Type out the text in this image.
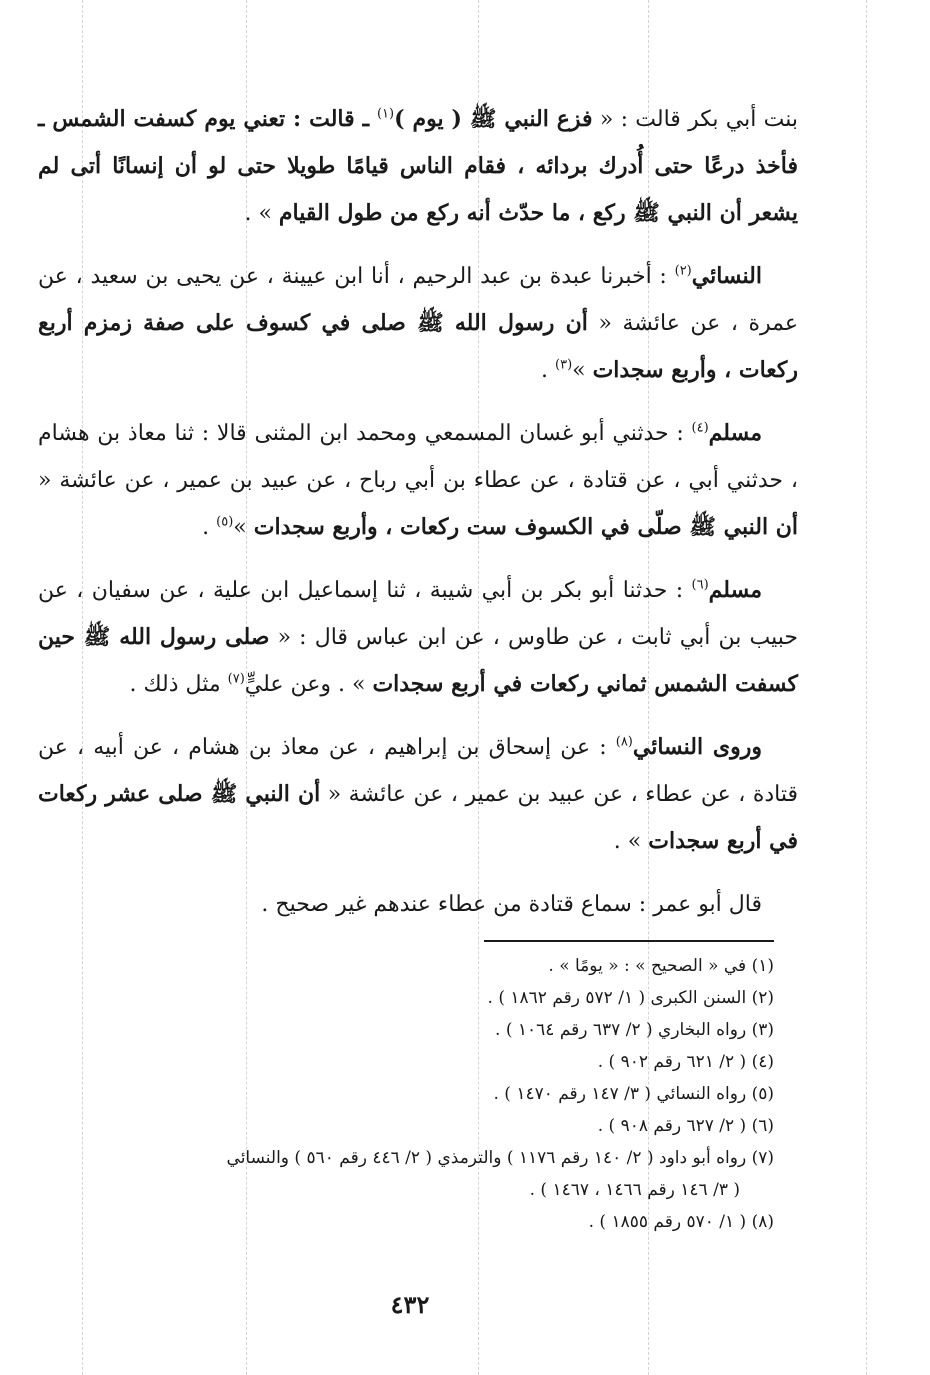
بنت أبي بكر قالت : « فزع النبي ﷺ ( يوم )$^{(١)}$ ـ قالت : تعني يوم كسفت الشمس ـ فأخذ درعًا حتى أُدرك بردائه ، فقام الناس قيامًا طويلا حتى لو أن إنسانًا أتى لم يشعر أن النبي ﷺ ركع ، ما حدّث أنه ركع من طول القيام » .

النسائي$^{(٢)}$ : أخبرنا عبدة بن عبد الرحيم ، أنا ابن عيينة ، عن يحيى بن سعيد ، عن عمرة ، عن عائشة « أن رسول الله ﷺ صلى في كسوف على صفة زمزم أربع ركعات ، وأربع سجدات »$^{(٣)}$ .

مسلم$^{(٤)}$ : حدثني أبو غسان المسمعي ومحمد ابن المثنى قالا : ثنا معاذ بن هشام ، حدثني أبي ، عن قتادة ، عن عطاء بن أبي رباح ، عن عبيد بن عمير ، عن عائشة « أن النبي ﷺ صلّى في الكسوف ست ركعات ، وأربع سجدات »$^{(٥)}$ .

مسلم$^{(٦)}$ : حدثنا أبو بكر بن أبي شيبة ، ثنا إسماعيل ابن علية ، عن سفيان ، عن حبيب بن أبي ثابت ، عن طاوس ، عن ابن عباس قال : « صلى رسول الله ﷺ حين كسفت الشمس ثماني ركعات في أربع سجدات » . وعن عليٍّ$^{(٧)}$ مثل ذلك .

وروى النسائي$^{(٨)}$ : عن إسحاق بن إبراهيم ، عن معاذ بن هشام ، عن أبيه ، عن قتادة ، عن عطاء ، عن عبيد بن عمير ، عن عائشة « أن النبي ﷺ صلى عشر ركعات في أربع سجدات » .

قال أبو عمر : سماع قتادة من عطاء عندهم غير صحيح .

(١) في « الصحيح » : « يومًا » .

(٢) السنن الكبرى ( ١/ ٥٧٢ رقم ١٨٦٢ ) .

(٣) رواه البخاري ( ٢/ ٦٣٧ رقم ١٠٦٤ ) .

(٤) ( ٢/ ٦٢١ رقم ٩٠٢ ) .

(٥) رواه النسائي ( ٣/ ١٤٧ رقم ١٤٧٠ ) .

(٦) ( ٢/ ٦٢٧ رقم ٩٠٨ ) .

(٧) رواه أبو داود ( ٢/ ١٤٠ رقم ١١٧٦ ) والترمذي ( ٢/ ٤٤٦ رقم ٥٦٠ ) والنسائي

( ٣/ ١٤٦ رقم ١٤٦٦ ، ١٤٦٧ ) .

(٨) ( ١/ ٥٧٠ رقم ١٨٥٥ ) .

٤٣٢
